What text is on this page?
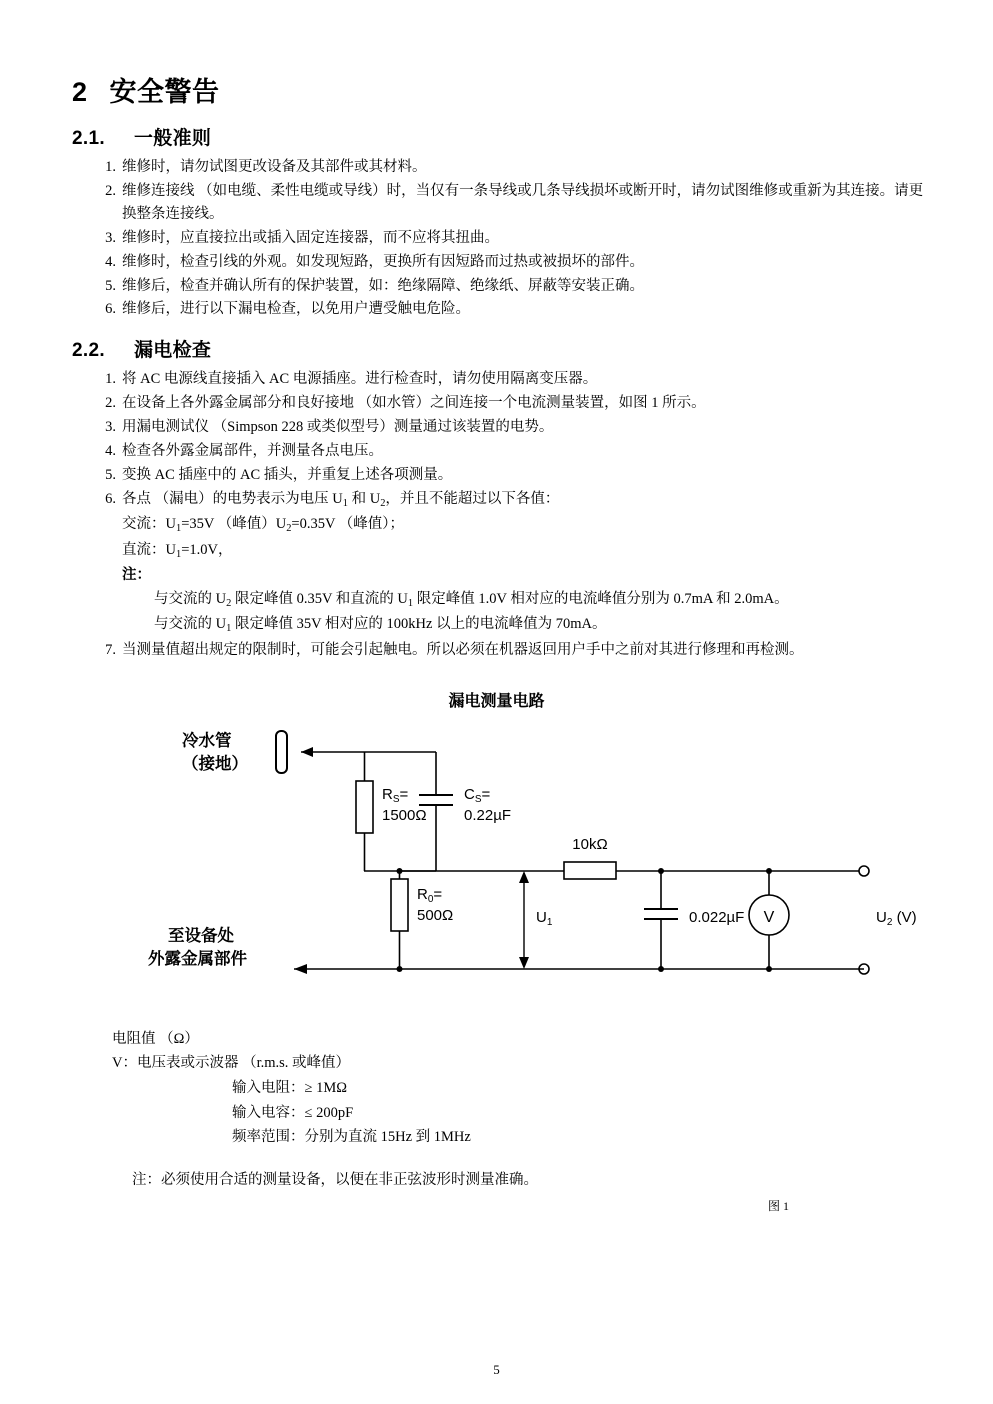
2 安全警告
2.1. 一般准则
1. 维修时，请勿试图更改设备及其部件或其材料。
2. 维修连接线 （如电缆、柔性电缆或导线）时，当仅有一条导线或几条导线损坏或断开时，请勿试图维修或重新为其连接。请更换整条连接线。
3. 维修时，应直接拉出或插入固定连接器，而不应将其扭曲。
4. 维修时，检查引线的外观。如发现短路，更换所有因短路而过热或被损坏的部件。
5. 维修后，检查并确认所有的保护装置，如：绝缘隔障、绝缘纸、屏蔽等安装正确。
6. 维修后，进行以下漏电检查，以免用户遭受触电危险。
2.2. 漏电检查
1. 将 AC 电源线直接插入 AC 电源插座。进行检查时，请勿使用隔离变压器。
2. 在设备上各外露金属部分和良好接地 （如水管）之间连接一个电流测量装置，如图 1 所示。
3. 用漏电测试仪 （Simpson 228 或类似型号）测量通过该装置的电势。
4. 检查各外露金属部件，并测量各点电压。
5. 变换 AC 插座中的 AC 插头，并重复上述各项测量。
6. 各点 （漏电）的电势表示为电压 $U_1$ 和 $U_2$，并且不能超过以下各值：
交流：$U_1=35V$ （峰值）$U_2=0.35V$ （峰值）；
直流：$U_1=1.0V$，
注：
与交流的 $U_2$ 限定峰值 0.35V 和直流的 $U_1$ 限定峰值 1.0V 相对应的电流峰值分别为 0.7mA 和 2.0mA。
与交流的 $U_1$ 限定峰值 35V 相对应的 100kHz 以上的电流峰值为 70mA。
7. 当测量值超出规定的限制时，可能会引起触电。所以必须在机器返回用户手中之前对其进行修理和再检测。
漏电测量电路
V
冷水管
（接地）
$R_S=$
1500Ω
$C_S=$
0.22µF
$R_0=$
500Ω
10kΩ
0.022µF
$U_1$	$U_2$ (V)
至设备处
外露金属部件
电阻值 （Ω）
V：电压表或示波器 （r.m.s. 或峰值）
输入电阻：≥ 1MΩ
输入电容：≤ 200pF
频率范围：分别为直流 15Hz 到 1MHz
注：必须使用合适的测量设备，以便在非正弦波形时测量准确。
图 1
5
